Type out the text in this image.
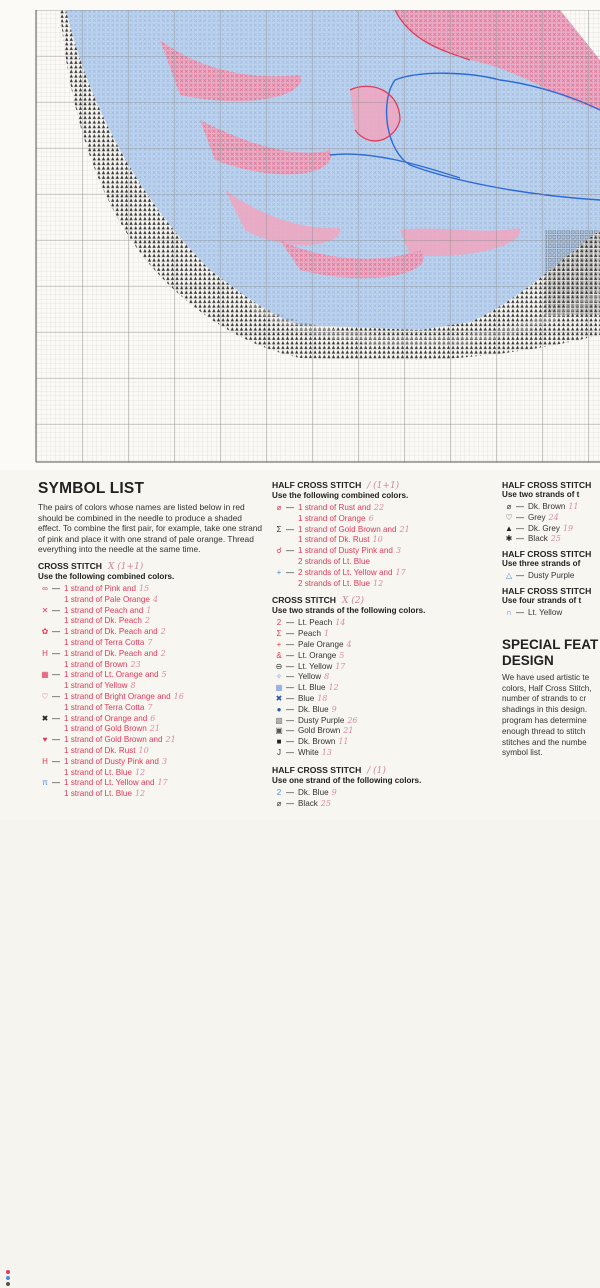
SYMBOL LIST
The pairs of colors whose names are listed below in red should be combined in the needle to produce a shaded effect. To combine the first pair, for example, take one strand of pink and place it with one strand of pale orange. Thread everything into the needle at the same time.
CROSS STITCH X (1+1)
Use the following combined colors.
∞ — 1 strand of Pink and 15
1 strand of Pale Orange 4
✕ — 1 strand of Peach and 1
1 strand of Dk. Peach 2
✿ — 1 strand of Dk. Peach and 2
1 strand of Terra Cotta 7
H — 1 strand of Dk. Peach and 2
1 strand of Brown 23
▦ — 1 strand of Lt. Orange and 5
1 strand of Yellow 8
♡ — 1 strand of Bright Orange and 16
1 strand of Terra Cotta 7
✖ — 1 strand of Orange and 6
1 strand of Gold Brown 21
♥ — 1 strand of Gold Brown and 21
1 strand of Dk. Rust 10
H — 1 strand of Dusty Pink and 3
1 strand of Lt. Blue 12
π — 1 strand of Lt. Yellow and 17
1 strand of Lt. Blue 12
HALF CROSS STITCH / (1+1)
Use the following combined colors.
⌀ — 1 strand of Rust and 22
1 strand of Orange 6
Σ — 1 strand of Gold Brown and 21
1 strand of Dk. Rust 10
☌ — 1 strand of Dusty Pink and 3
2 strands of Lt. Blue
+ — 2 strands of Lt. Yellow and 17
2 strands of Lt. Blue 12
CROSS STITCH X (2)
Use two strands of the following colors.
2 — Lt. Peach 14
Σ — Peach 1
+ — Pale Orange 4
& — Lt. Orange 5
⊖ — Lt. Yellow 17
✧ — Yellow 8
▦ — Lt. Blue 12
✖ — Blue 18
● — Dk. Blue 9
▩ — Dusty Purple 26
▣ — Gold Brown 21
■ — Dk. Brown 11
J — White 13
HALF CROSS STITCH / (1)
Use one strand of the following colors.
2 — Dk. Blue 9
⌀ — Black 25
HALF CROSS STITCH
Use two strands of t
⌀ — Dk. Brown 11
♡ — Grey 24
▲ — Dk. Grey 19
✱ — Black 25
HALF CROSS STITCH
Use three strands of
△ — Dusty Purple
HALF CROSS STITCH
Use four strands of t
∩ — Lt. Yellow
SPECIAL FEAT
DESIGN
We have used artistic te
colors, Half Cross Stitch,
number of strands to cr
shadings in this design.
program has determine
enough thread to stitch
stitches and the numbe
symbol list.
